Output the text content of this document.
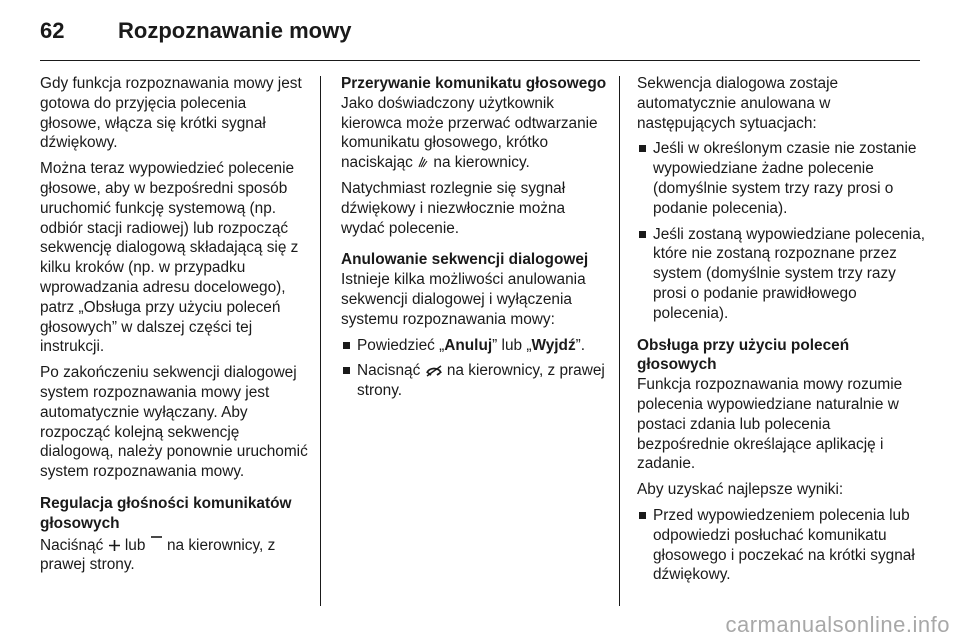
62 Rozpoznawanie mowy

Gdy funkcja rozpoznawania mowy jest gotowa do przyjęcia polecenia głosowe, włącza się krótki sygnał dźwiękowy.

Można teraz wypowiedzieć polecenie głosowe, aby w bezpośredni sposób uruchomić funkcję systemową (np. odbiór stacji radiowej) lub rozpocząć sekwencję dialogową składającą się z kilku kroków (np. w przypadku wprowadzania adresu docelowego), patrz „Obsługa przy użyciu poleceń głosowych” w dalszej części tej instrukcji.

Po zakończeniu sekwencji dialogowej system rozpoznawania mowy jest automatycznie wyłączany. Aby rozpocząć kolejną sekwencję dialogową, należy ponownie uruchomić system rozpoznawania mowy.

Regulacja głośności komunikatów głosowych

Naciśnąć  lub  na kierownicy, z prawej strony.

Przerywanie komunikatu głosowego

Jako doświadczony użytkownik kierowca może przerwać odtwarzanie komunikatu głosowego, krótko naciskając  na kierownicy.

Natychmiast rozlegnie się sygnał dźwiękowy i niezwłocznie można wydać polecenie.

Anulowanie sekwencji dialogowej

Istnieje kilka możliwości anulowania sekwencji dialogowej i wyłączenia systemu rozpoznawania mowy:

Powiedzieć „Anuluj” lub „Wyjdź”.
Nacisnąć  na kierownicy, z prawej strony.

Sekwencja dialogowa zostaje automatycznie anulowana w następujących sytuacjach:

Jeśli w określonym czasie nie zostanie wypowiedziane żadne polecenie (domyślnie system trzy razy prosi o podanie polecenia).
Jeśli zostaną wypowiedziane polecenia, które nie zostaną rozpoznane przez system (domyślnie system trzy razy prosi o podanie prawidłowego polecenia).
Obsługa przy użyciu poleceń głosowych

Funkcja rozpoznawania mowy rozumie polecenia wypowiedziane naturalnie w postaci zdania lub polecenia bezpośrednie określające aplikację i zadanie.

Aby uzyskać najlepsze wyniki:

Przed wypowiedzeniem polecenia lub odpowiedzi posłuchać komunikatu głosowego i poczekać na krótki sygnał dźwiękowy.
carmanualsonline.info
